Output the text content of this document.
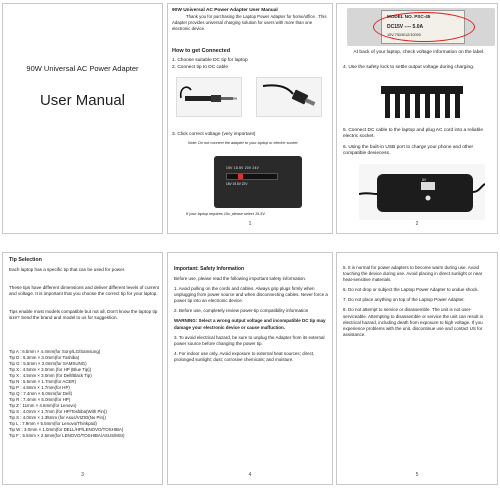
90W Universal AC Power Adapter
User Manual
90W Universal AC Power Adapter User Manual
Thank you for purchasing the Laptop Power Adapter for home/office . This Adapter provides universal charging solution for users with more than one electronic device.
How to get Connected
1. Choose suitable DC tip for laptop
2. Connect tip to DC cable
3. Click correct voltage (very important)
Note: Do not connect the adapter to your laptop or electric socket
15V 18.5V 20V 24V
16V 19.5V 22V
If your laptop requires 19v, please select 19.5V.
1
MODEL NO. PSC-45
DC15V ---- 5.0A
15V,750/5/12/10000
At back of your laptop, check voltage information on the label.
4. Use the safety lock to settle output voltage during charging.
5. Connect DC cable to the laptop and plug AC cord into a reliable electric socket.
6. Using the built-in USB port to charge your phone and other compatible deviecess.
5V
2
Tip Selection
Each laptop has a specific tip that can be used for power.
These tips have different dimensions and deliver different levels of current and voltage. It is important that you choose the correct tip for your laptop.
Tips enable most models compatible but not all. Don't know the laptop tip size? Send the brand and model to us for suggestion.
Tip A : 6.5mm × 4.4mm(for Sony/LG/Samsung)
Tip D : 6.3mm × 3.0mm(for Toshiba)
Tip G : 5.5mm × 3.0mm(for SAMSUNG)
Tip X : 4.5mm × 3.0mm (for HP (Blue Tip))
Tip X : 4.5mm × 3.0mm (for Dell/Black Tip)
Tip N : 5.5mm × 1.7mm(for ACER)
Tip P : 4.8mm × 1.7mm(for HP)
Tip Q : 7.4mm × 5.0mm(for Dell)
Tip R : 7.4mm × 5.0mm(for HP)
Tip Z : 11mm × 4.6mm(for Lenovo)
Tip S : 4.0mm × 1.7mm (for HP/Toshiba(With Pin))
Tip S : 4.0mm × 1.35mm (for Asus/VIZIO(No Pin))
Tip L : 7.9mm × 5.5mm(for Lenovo/Thinkpad)
Tip W : 3.0mm × 1.0mm(for DELL/HP/LENOVO/TOSHIBA)
Tip F : 5.5mm × 2.5mm(for LENOVO/TOSHIBA/ASUS/MSI)
3
Important: Safety Information

Before use, please read the following important safety information.

1. Avoid pulling on the cords and cables. Always grip plugs firmly when unplugging from power source and when disconnecting cables. Never force a power tip into an electronic device.

2. Before use, completely review power-tip compatibility information

WARNING: Select a wrong output voltage and incompatible DC tip may damage your electronic device or cause maffuction.

3. To avoid electrical hazard, be sure to unplug the Adapter from its external power source before changing the power tip.

4. For indoor use only. Avoid exposure to external heat sources; direct, prolonged sunlight; dust; corrosive chemicals; and moisture.

4

5. It is normal for power adapters to become warm during use. Avoid touching the device during use. Avoid placing in direct sunlight or near heat-sensitive materials.

6. Do not drop or subject the Laptop Power Adapter to undue shock.

7. Do not place anything on top of the Laptop Power Adapter.

8. Do not attempt to service or disassemble. The unit is not user-serviceable. Attempting to disassemble or service the unit can result in electrical hazard, including death from exposure to high voltage. If you experience problems with the unit, discontinue use and contact US for assistance.

5
